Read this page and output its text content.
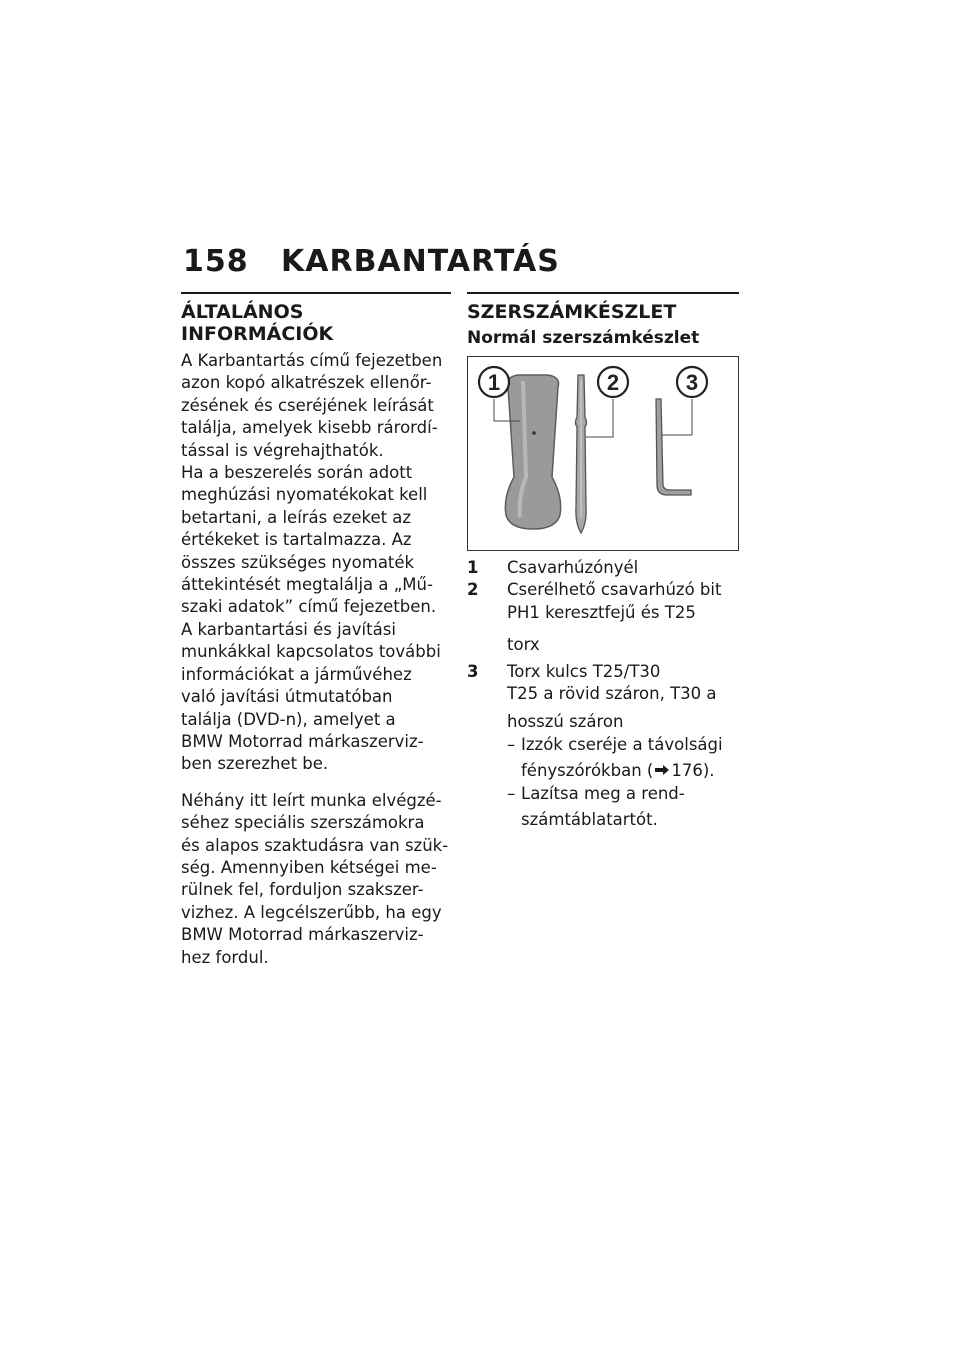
158 KARBANTARTÁS
ÁLTALÁNOS INFORMÁCIÓK

A Karbantartás című fejezetben

azon kopó alkatrészek ellenőr-

zésének és cseréjének leírását

találja, amelyek kisebb rárordí-

tással is végrehajthatók.

Ha a beszerelés során adott

meghúzási nyomatékokat kell

betartani, a leírás ezeket az

értékeket is tartalmazza. Az

összes szükséges nyomaték

áttekintését megtalálja a „Mű-

szaki adatok” című fejezetben.

A karbantartási és javítási

munkákkal kapcsolatos további

információkat a járművéhez

való javítási útmutatóban

találja (DVD-n), amelyet a

BMW Motorrad márkaszerviz-

ben szerezhet be.

Néhány itt leírt munka elvégzé-

séhez speciális szerszámokra

és alapos szaktudásra van szük-

ség. Amennyiben kétségei me-

rülnek fel, forduljon szakszer-

vizhez. A legcélszerűbb, ha egy

BMW Motorrad márkaszerviz-

hez fordul.

SZERSZÁMKÉSZLET
Normál szerszámkészlet
1	2	3
1	Csavarhúzónyél
2	Cserélhető csavarhúzó bit
PH1 keresztfejű és T25
torx
3	Torx kulcs T25/T30
T25 a rövid száron, T30 a
hosszú száron
– Izzók cseréje a távolsági
fényszórókban ( 176).
– Lazítsa meg a rend-
számtáblatartót.
